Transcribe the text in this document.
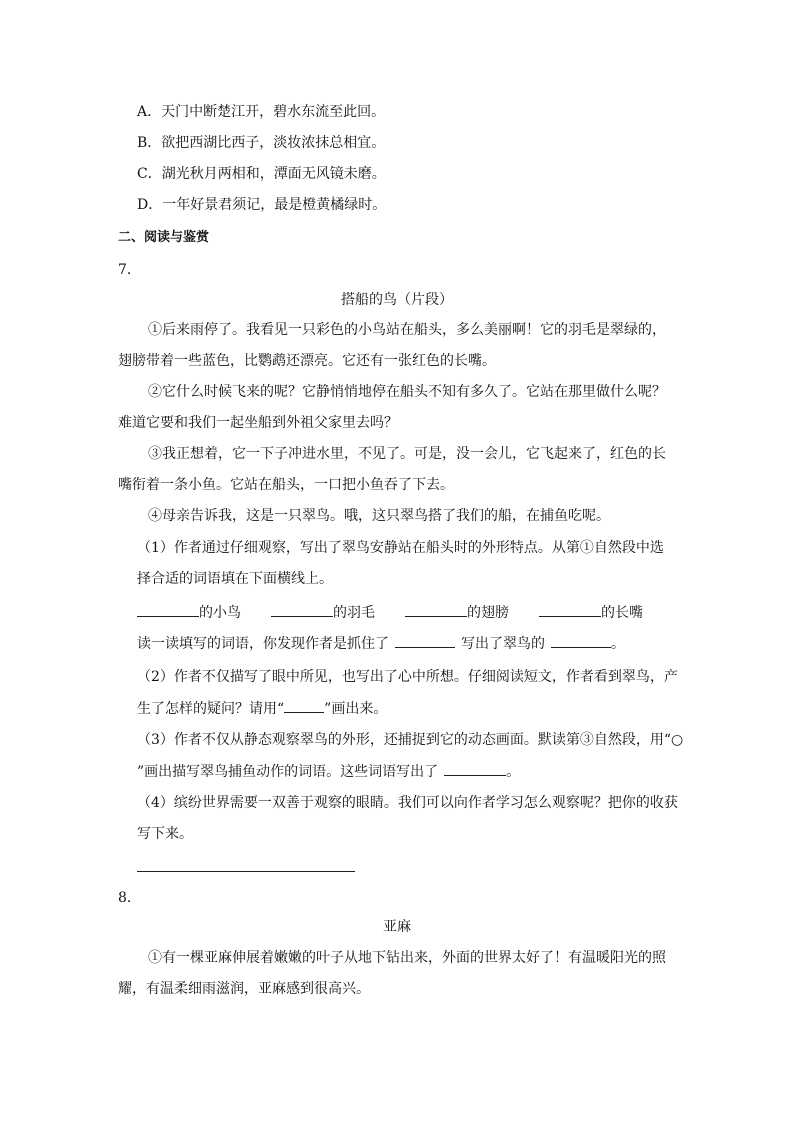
A．天门中断楚江开，碧水东流至此回。
B．欲把西湖比西子，淡妆浓抹总相宜。
C．湖光秋月两相和，潭面无风镜未磨。
D．一年好景君须记，最是橙黄橘绿时。
二、阅读与鉴赏
7．
搭船的鸟（片段）
①后来雨停了。我看见一只彩色的小鸟站在船头，多么美丽啊！它的羽毛是翠绿的，
翅膀带着一些蓝色，比鹦鹉还漂亮。它还有一张红色的长嘴。
②它什么时候飞来的呢？它静悄悄地停在船头不知有多久了。它站在那里做什么呢？
难道它要和我们一起坐船到外祖父家里去吗？
③我正想着，它一下子冲进水里，不见了。可是，没一会儿，它飞起来了，红色的长
嘴衔着一条小鱼。它站在船头，一口把小鱼吞了下去。
④母亲告诉我，这是一只翠鸟。哦，这只翠鸟搭了我们的船，在捕鱼吃呢。
（1）作者通过仔细观察，写出了翠鸟安静站在船头时的外形特点。从第①自然段中选
择合适的词语填在下面横线上。
的小鸟	的羽毛	的翅膀	的长嘴
读一读填写的词语，你发现作者是抓住了	写出了翠鸟的	。
（2）作者不仅描写了眼中所见，也写出了心中所想。仔细阅读短文，作者看到翠鸟，产
生了怎样的疑问？请用“	”画出来。
（3）作者不仅从静态观察翠鸟的外形，还捕捉到它的动态画面。默读第③自然段，用“○
”画出描写翠鸟捕鱼动作的词语。这些词语写出了	。
（4）缤纷世界需要一双善于观察的眼睛。我们可以向作者学习怎么观察呢？把你的收获
写下来。
8．
亚麻
①有一棵亚麻伸展着嫩嫩的叶子从地下钻出来，外面的世界太好了！有温暖阳光的照
耀，有温柔细雨滋润，亚麻感到很高兴。
